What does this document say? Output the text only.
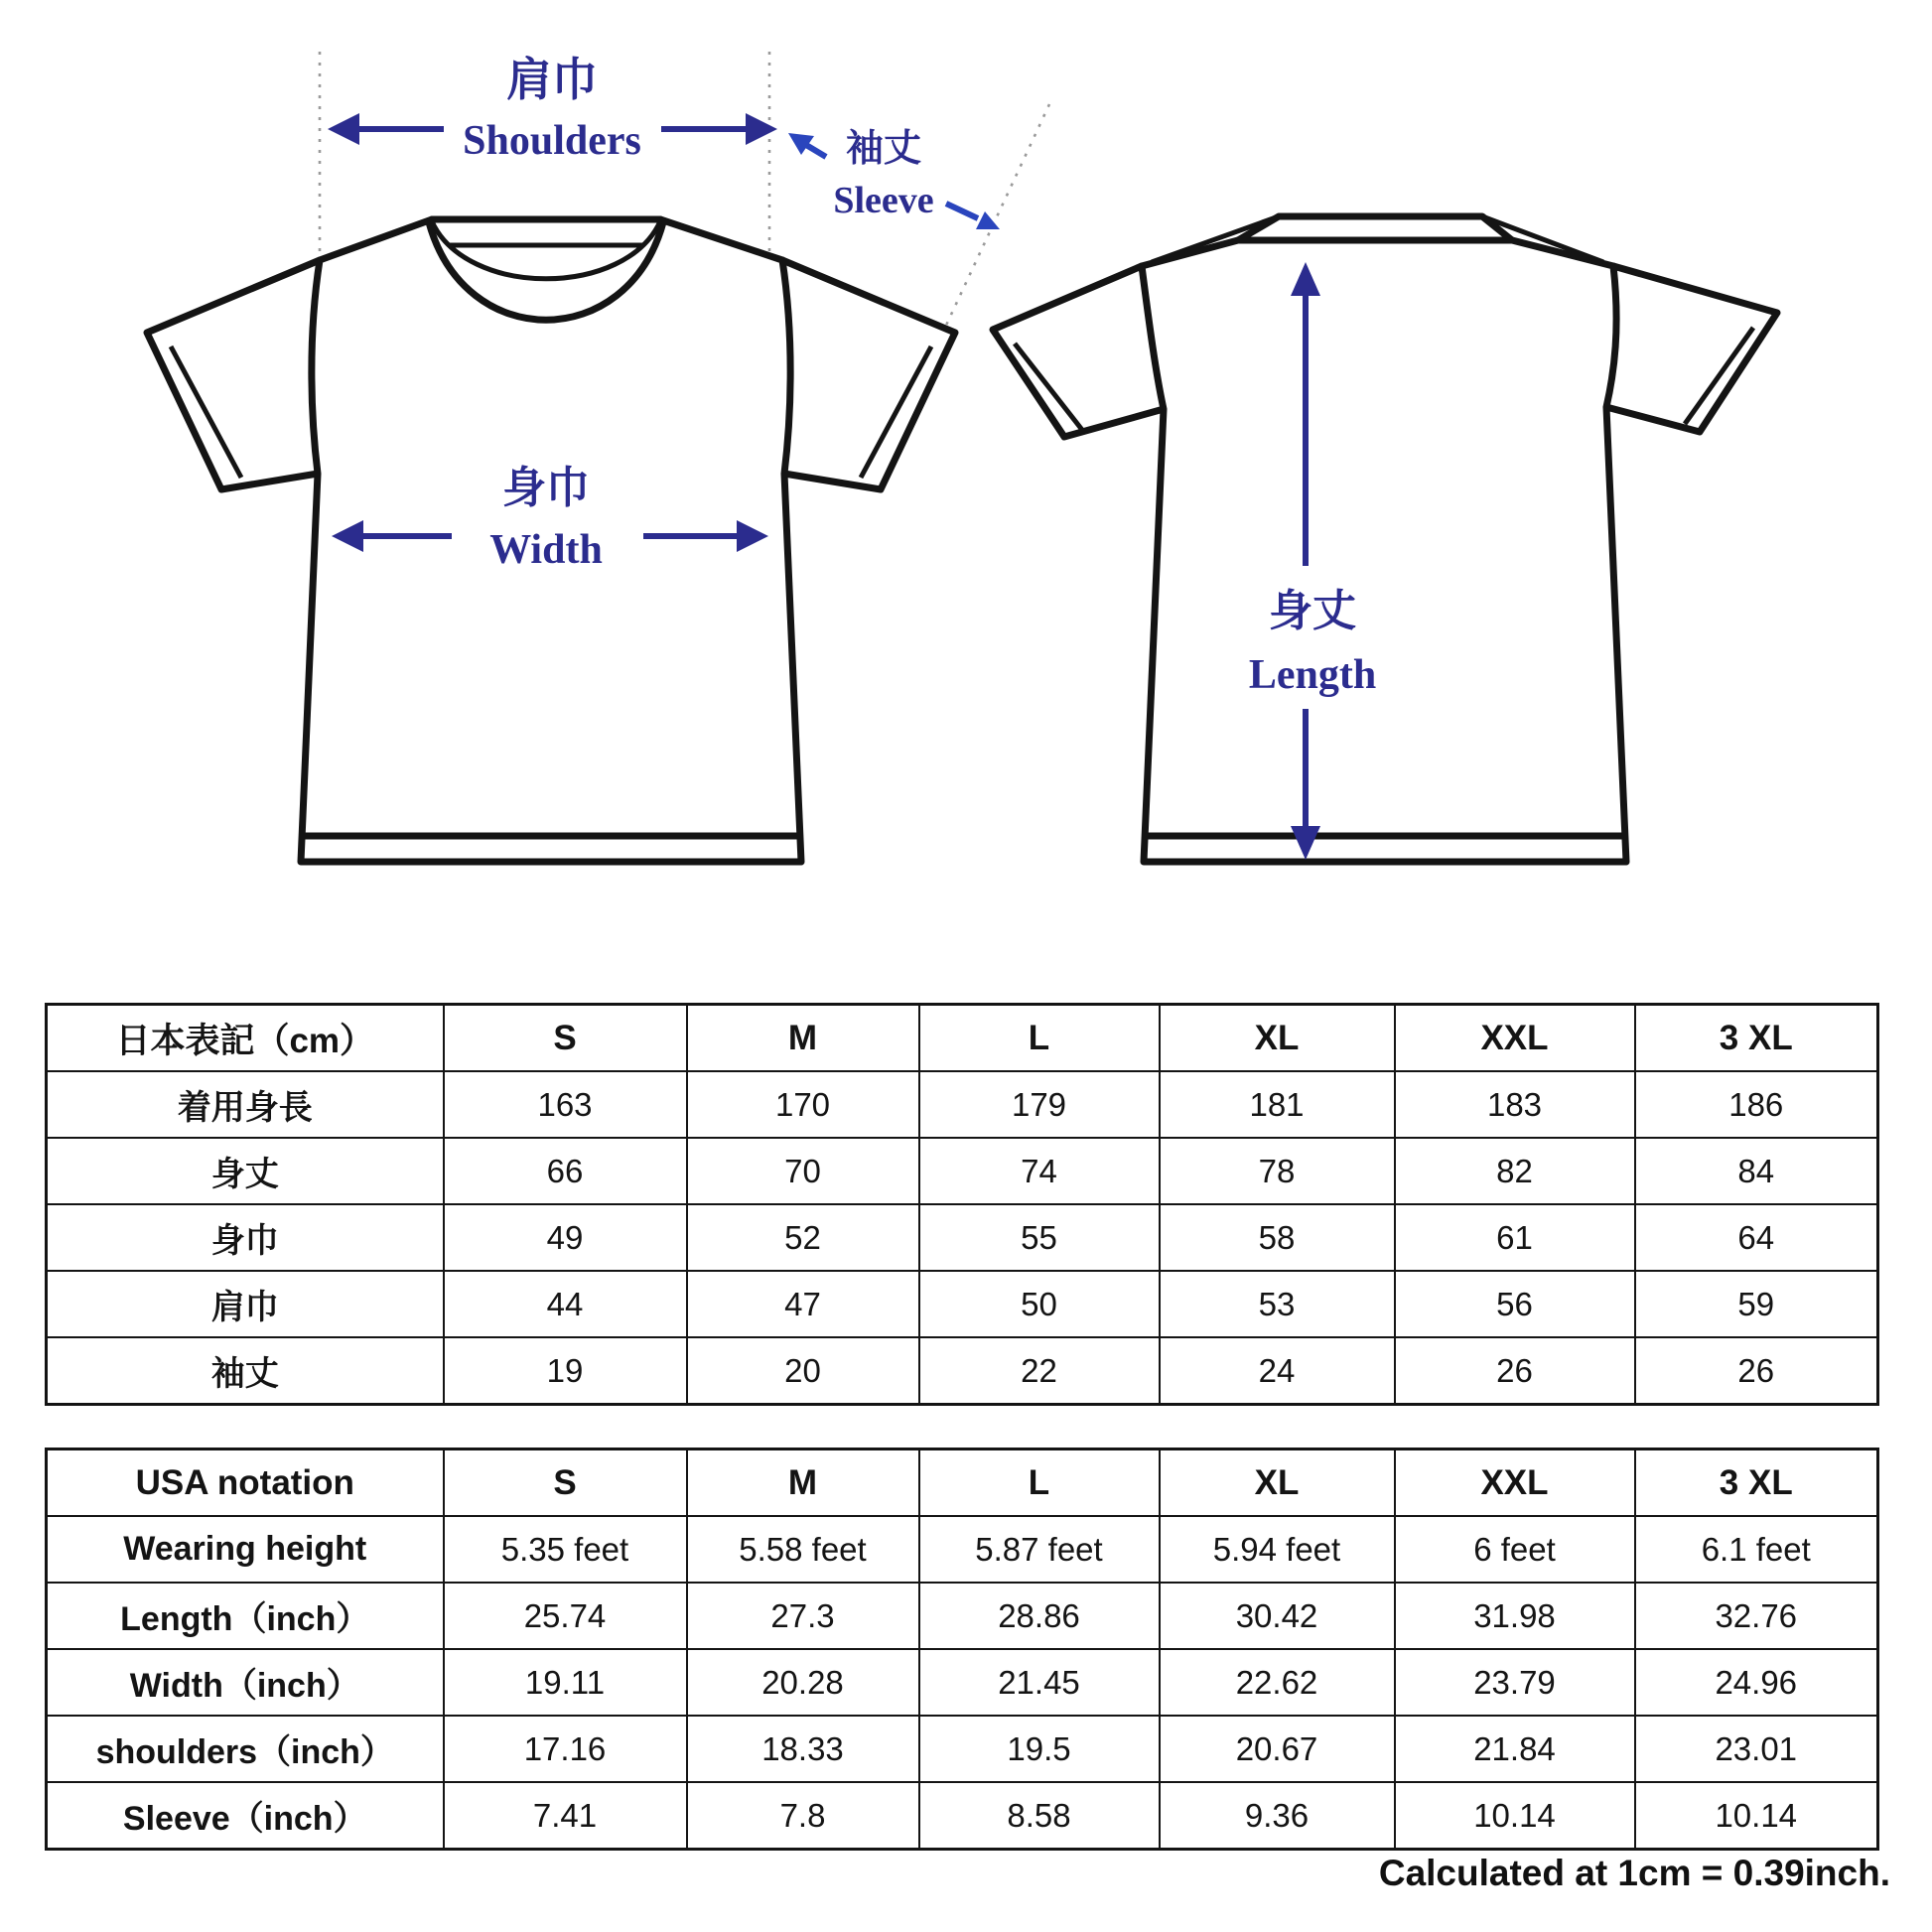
肩巾
Shoulders	袖丈
Sleeve
身巾
Width
身丈
Length
日本表記（cm）	S	M	L	XL	XXL	3 XL
着用身長	163	170	179	181	183	186
身丈	66	70	74	78	82	84
身巾	49	52	55	58	61	64
肩巾	44	47	50	53	56	59
袖丈	19	20	22	24	26	26
USA notation	S	M	L	XL	XXL	3 XL
Wearing height	5.35 feet	5.58 feet	5.87 feet	5.94 feet	6 feet	6.1 feet
Length（inch）	25.74	27.3	28.86	30.42	31.98	32.76
Width（inch）	19.11	20.28	21.45	22.62	23.79	24.96
shoulders（inch）	17.16	18.33	19.5	20.67	21.84	23.01
Sleeve（inch）	7.41	7.8	8.58	9.36	10.14	10.14
Calculated at 1cm = 0.39inch.
